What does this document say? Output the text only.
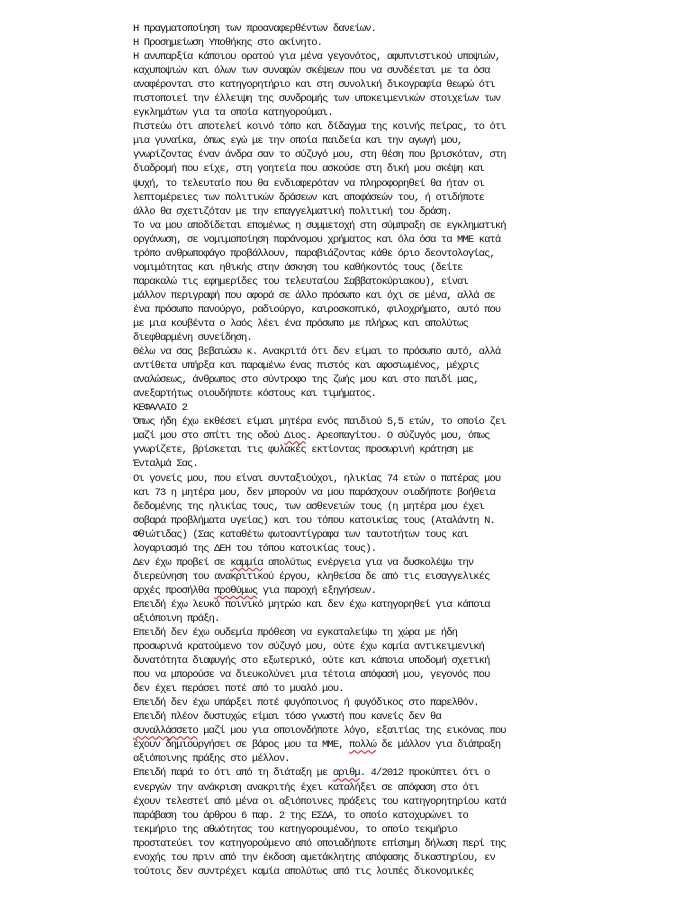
Η πραγματοποίηση των προαναφερθέντων δανείων.
Η Προσημείωση Υποθήκης στο ακίνητο.
Η ανυπαρξία κάποιου ορατού για μένα γεγονότος, αφυπνιστικού υποψιών,
καχυποψιών και όλων των συναφών σκέψεων που να συνδέεται με τα όσα
αναφέρονται στο κατηγορητήριο και στη συνολική δικογραφία θεωρώ ότι
πιστοποιεί την έλλειψη της συνδρομής των υποκειμενικών στοιχείων των
εγκλημάτων για τα οποία κατηγορούμαι.
Πιστεύω ότι αποτελεί κοινό τόπο και δίδαγμα της κοινής πείρας, το ότι
μια γυναίκα, όπως εγώ με την οποία παιδεία και την αγωγή μου,
γνωρίζοντας έναν άνδρα σαν το σύζυγό μου, στη θέση που βρισκόταν, στη
διαδρομή που είχε, στη γοητεία που ασκούσε στη δική μου σκέψη και
ψυχή, το τελευταίο που θα ενδιαφερόταν να πληροφορηθεί θα ήταν οι
λεπτομέρειες των πολιτικών δράσεων και αποφάσεών του, ή οτιδήποτε
άλλο θα σχετιζόταν με την επαγγελματική πολιτική του δράση.
Το να μου αποδίδεται επομένως η συμμετοχή στη σύμπραξη σε εγκληματική
οργάνωση, σε νομιμοποίηση παράνομου χρήματος και όλα όσα τα ΜΜΕ κατά
τρόπο ανθρωποφάγο προβάλλουν, παραβιάζοντας κάθε όριο δεοντολογίας,
νομιμότητας και ηθικής στην άσκηση του καθήκοντός τους (δείτε
παρακαλώ τις εφημερίδες του τελευταίου Σαββατοκύριακου), είναι
μάλλον περιγραφή που αφορά σε άλλο πρόσωπο και όχι σε μένα, αλλά σε
ένα πρόσωπο πανούργο, ραδιούργο, καιροσκοπικό, φιλοχρήματο, αυτό που
με μια κουβέντα ο λαός λέει ένα πρόσωπο με πλήρως και απολύτως
διεφθαρμένη συνείδηση.
Θέλω να σας βεβαιώσω κ. Ανακριτά ότι δεν είμαι το πρόσωπο αυτό, αλλά
αντίθετα υπήρξα και παραμένω ένας πιστός και αφοσιωμένος, μέχρις
αναλώσεως, άνθρωπος στο σύντροφο της ζωής μου και στο παιδί μας,
ανεξαρτήτως οιουδήποτε κόστους και τιμήματος.
ΚΕΦΑΛΑΙΟ 2
Όπως ήδη έχω εκθέσει είμαι μητέρα ενός παιδιού 5,5 ετών, το οποίο ζει
μαζί μου στο σπίτι της οδού Διος. Αρεοπαγίτου. Ο σύζυγός μου, όπως
γνωρίζετε, βρίσκεται τις φυλακές εκτίοντας προσωρινή κράτηση με
Ένταλμά Σας.
Οι γονείς μου, που είναι συνταξιούχοι, ηλικίας 74 ετών ο πατέρας μου
και 73 η μητέρα μου, δεν μπορούν να μου παράσχουν οιαδήποτε βοήθεια
δεδομένης της ηλικίας τους, των ασθενειών τους (η μητέρα μου έχει
σοβαρά προβλήματα υγείας) και του τόπου κατοικίας τους (Αταλάντη Ν.
Φθιώτιδας) (Σας καταθέτω φωτοαντίγραφα των ταυτοτήτων τους και
λογαριασμό της ΔΕΗ του τόπου κατοικίας τους).
Δεν έχω προβεί σε καμμία απολύτως ενέργεια για να δυσκολέψω την
διερεύνηση του ανακριτικού έργου, κληθείσα δε από τις εισαγγελικές
αρχές προσήλθα προθύμως για παροχή εξηγήσεων.
Επειδή έχω λευκό ποινικό μητρώο και δεν έχω κατηγορηθεί για κάποια
αξιόποινη πράξη.
Επειδή δεν έχω ουδεμία πρόθεση να εγκαταλείψω τη χώρα με ήδη
προσωρινά κρατούμενο τον σύζυγό μου, ούτε έχω καμία αντικειμενική
δυνατότητα διαφυγής στο εξωτερικό, ούτε και κάποια υποδομή σχετική
που να μπορούσε να διευκολύνει μια τέτοια απόφασή μου, γεγονός που
δεν έχει περάσει ποτέ από το μυαλό μου.
Επειδή δεν έχω υπάρξει ποτέ φυγόποινος ή φυγόδικος στο παρελθόν.
Επειδή πλέον δυστυχώς είμαι τόσο γνωστή που κανείς δεν θα
συναλλάσσετο μαζί μου για οποιονδήποτε λόγο, εξαιτίας της εικόνας που
έχουν δημιουργήσει σε βάρος μου τα ΜΜΕ, πολλώ δε μάλλον για διάπραξη
αξιόποινης πράξης στο μέλλον.
Επειδή παρά το ότι από τη διάταξη με αριθμ. 4/2012 προκύπτει ότι ο
ενεργών την ανάκριση ανακριτής έχει καταλήξει σε απόφαση στο ότι
έχουν τελεστεί από μένα οι αξιόποινες πράξεις του κατηγορητηρίου κατά
παράβαση του άρθρου 6 παρ. 2 της ΕΣΔΑ, το οποίο κατοχυρώνει το
τεκμήριο της αθωότητας του κατηγορουμένου, το οποίο τεκμήριο
προστατεύει τον κατηγορούμενο από οποιαδήποτε επίσημη δήλωση περί της
ενοχής του πριν από την έκδοση αμετάκλητης απόφασης δικαστηρίου, εν
τούτοις δεν συντρέχει καμία απολύτως από τις λοιπές δικονομικές
